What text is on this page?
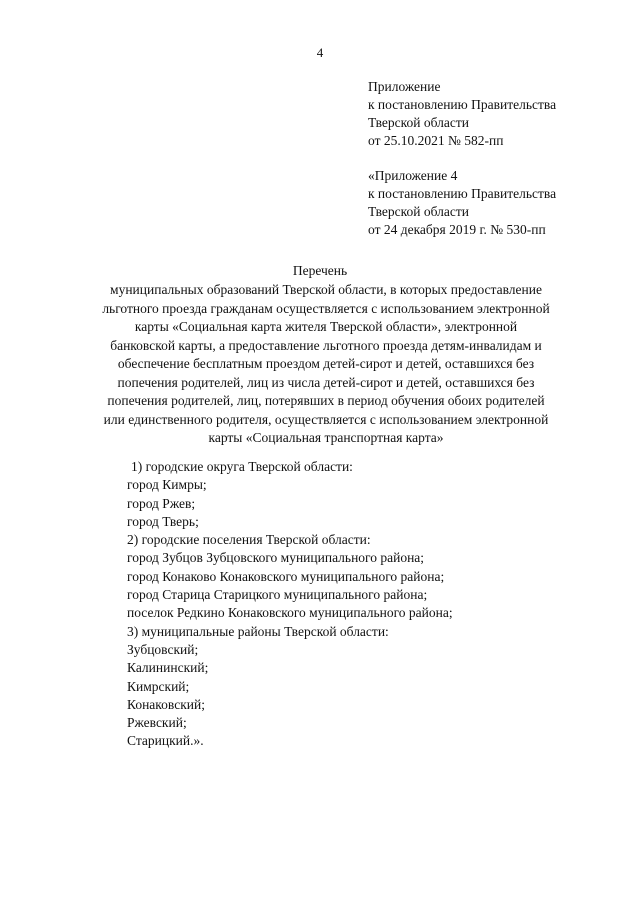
4
Приложение
к постановлению Правительства
Тверской области
от 25.10.2021 № 582-пп
«Приложение 4
к постановлению Правительства
Тверской области
от 24 декабря 2019 г. № 530-пп
Перечень
муниципальных образований Тверской области, в которых предоставление
льготного проезда гражданам осуществляется с использованием электронной
карты «Социальная карта жителя Тверской области», электронной
банковской карты, а предоставление льготного проезда детям-инвалидам и
обеспечение бесплатным проездом детей-сирот и детей, оставшихся без
попечения родителей, лиц из числа детей-сирот и детей, оставшихся без
попечения родителей, лиц, потерявших в период обучения обоих родителей
или единственного родителя, осуществляется с использованием электронной
карты «Социальная транспортная карта»
1) городские округа Тверской области:
город Кимры;
город Ржев;
город Тверь;
2) городские поселения Тверской области:
город Зубцов Зубцовского муниципального района;
город Конаково Конаковского муниципального района;
город Старица Старицкого муниципального района;
поселок Редкино Конаковского муниципального района;
3) муниципальные районы Тверской области:
Зубцовский;
Калининский;
Кимрский;
Конаковский;
Ржевский;
Старицкий.».
